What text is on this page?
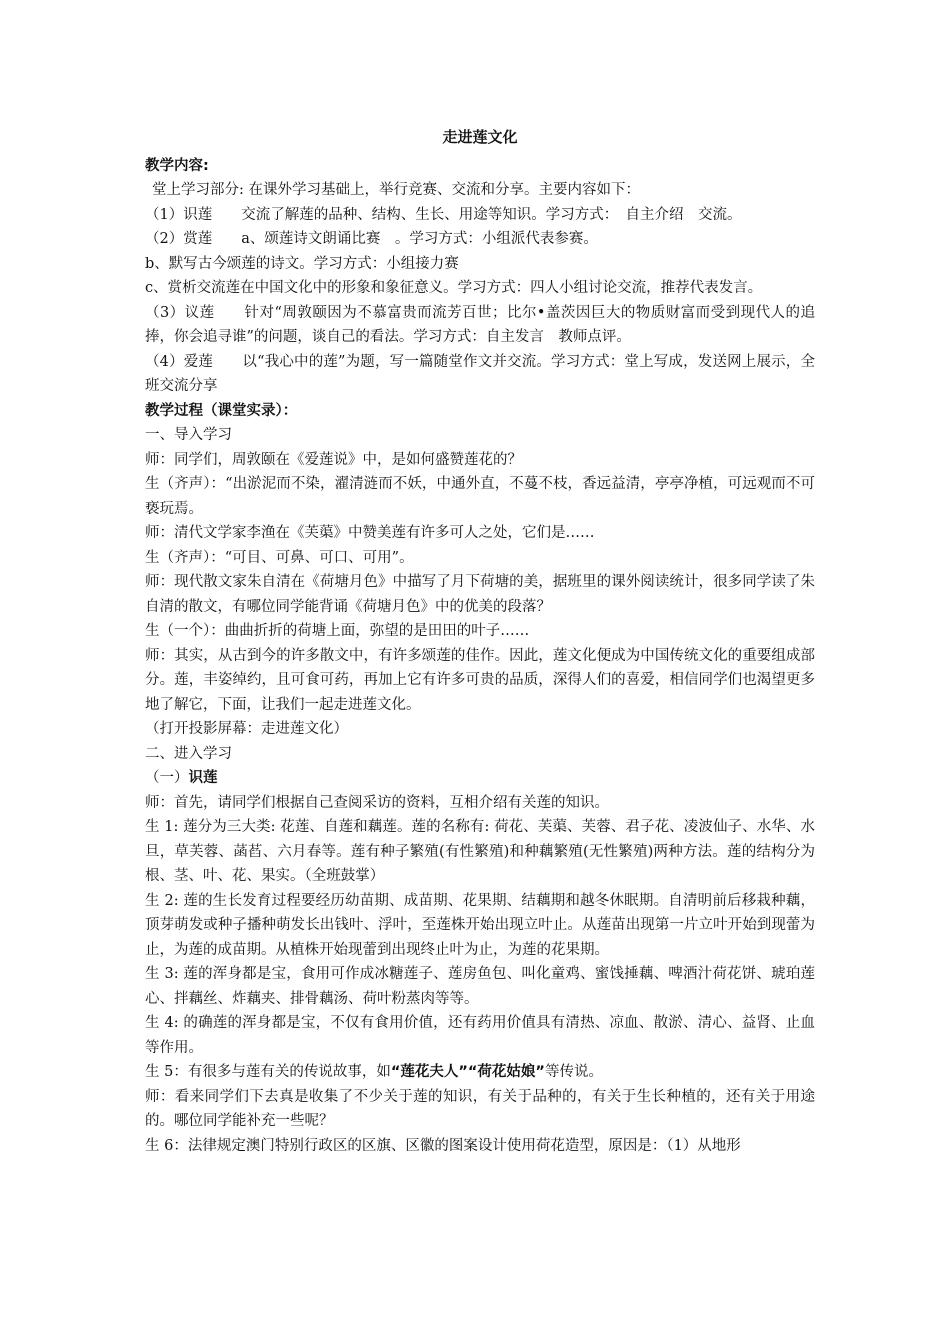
走进莲文化

教学内容:

堂上学习部分: 在课外学习基础上，举行竞赛、交流和分享。主要内容如下：

（1）识莲　　交流了解莲的品种、结构、生长、用途等知识。学习方式：　自主介绍　交流。

（2）赏莲　　a、颂莲诗文朗诵比赛　。学习方式：小组派代表参赛。

b、默写古今颂莲的诗文。学习方式：小组接力赛

c、赏析交流莲在中国文化中的形象和象征意义。学习方式：四人小组讨论交流，推荐代表发言。

（3）议莲　　针对“周敦颐因为不慕富贵而流芳百世；比尔•盖茨因巨大的物质财富而受到现代人的追捧，你会追寻谁”的问题，谈自己的看法。学习方式：自主发言　教师点评。

（4）爱莲　　以“我心中的莲”为题，写一篇随堂作文并交流。学习方式：堂上写成，发送网上展示，全班交流分享

教学过程（课堂实录）：

一、导入学习

师：同学们，周敦颐在《爱莲说》中，是如何盛赞莲花的？

生（齐声）：“出淤泥而不染，濯清涟而不妖，中通外直，不蔓不枝，香远益清，亭亭净植，可远观而不可亵玩焉。

师：清代文学家李渔在《芙蕖》中赞美莲有许多可人之处，它们是……

生（齐声）：“可目、可鼻、可口、可用”。

师：现代散文家朱自清在《荷塘月色》中描写了月下荷塘的美，据班里的课外阅读统计，很多同学读了朱自清的散文，有哪位同学能背诵《荷塘月色》中的优美的段落？

生（一个）：曲曲折折的荷塘上面，弥望的是田田的叶子……

师：其实，从古到今的许多散文中，有许多颂莲的佳作。因此，莲文化便成为中国传统文化的重要组成部分。莲，丰姿绰约，且可食可药，再加上它有许多可贵的品质，深得人们的喜爱，相信同学们也渴望更多地了解它，下面，让我们一起走进莲文化。

（打开投影屏幕：走进莲文化）

二、进入学习

（一）识莲

师：首先，请同学们根据自己查阅采访的资料，互相介绍有关莲的知识。

生 1: 莲分为三大类: 花莲、自莲和藕莲。莲的名称有: 荷花、芙蕖、芙蓉、君子花、凌波仙子、水华、水旦，草芙蓉、菡萏、六月春等。莲有种子繁殖(有性繁殖)和种藕繁殖(无性繁殖)两种方法。莲的结构分为根、茎、叶、花、果实。（全班鼓掌）

生 2: 莲的生长发育过程要经历幼苗期、成苗期、花果期、结藕期和越冬休眠期。自清明前后移栽种藕，顶芽萌发或种子播种萌发长出钱叶、浮叶，至莲株开始出现立叶止。从莲苗出现第一片立叶开始到现蕾为止，为莲的成苗期。从植株开始现蕾到出现终止叶为止，为莲的花果期。

生 3: 莲的浑身都是宝，食用可作成冰糖莲子、莲房鱼包、叫化童鸡、蜜饯捶藕、啤酒汁荷花饼、琥珀莲心、拌藕丝、炸藕夹、排骨藕汤、荷叶粉蒸肉等等。

生 4: 的确莲的浑身都是宝，不仅有食用价值，还有药用价值具有清热、凉血、散淤、清心、益肾、止血等作用。

生 5：有很多与莲有关的传说故事，如“莲花夫人”“荷花姑娘”等传说。

师：看来同学们下去真是收集了不少关于莲的知识，有关于品种的，有关于生长种植的，还有关于用途的。哪位同学能补充一些呢？

生 6：法律规定澳门特别行政区的区旗、区徽的图案设计使用荷花造型，原因是：（1）从地形
